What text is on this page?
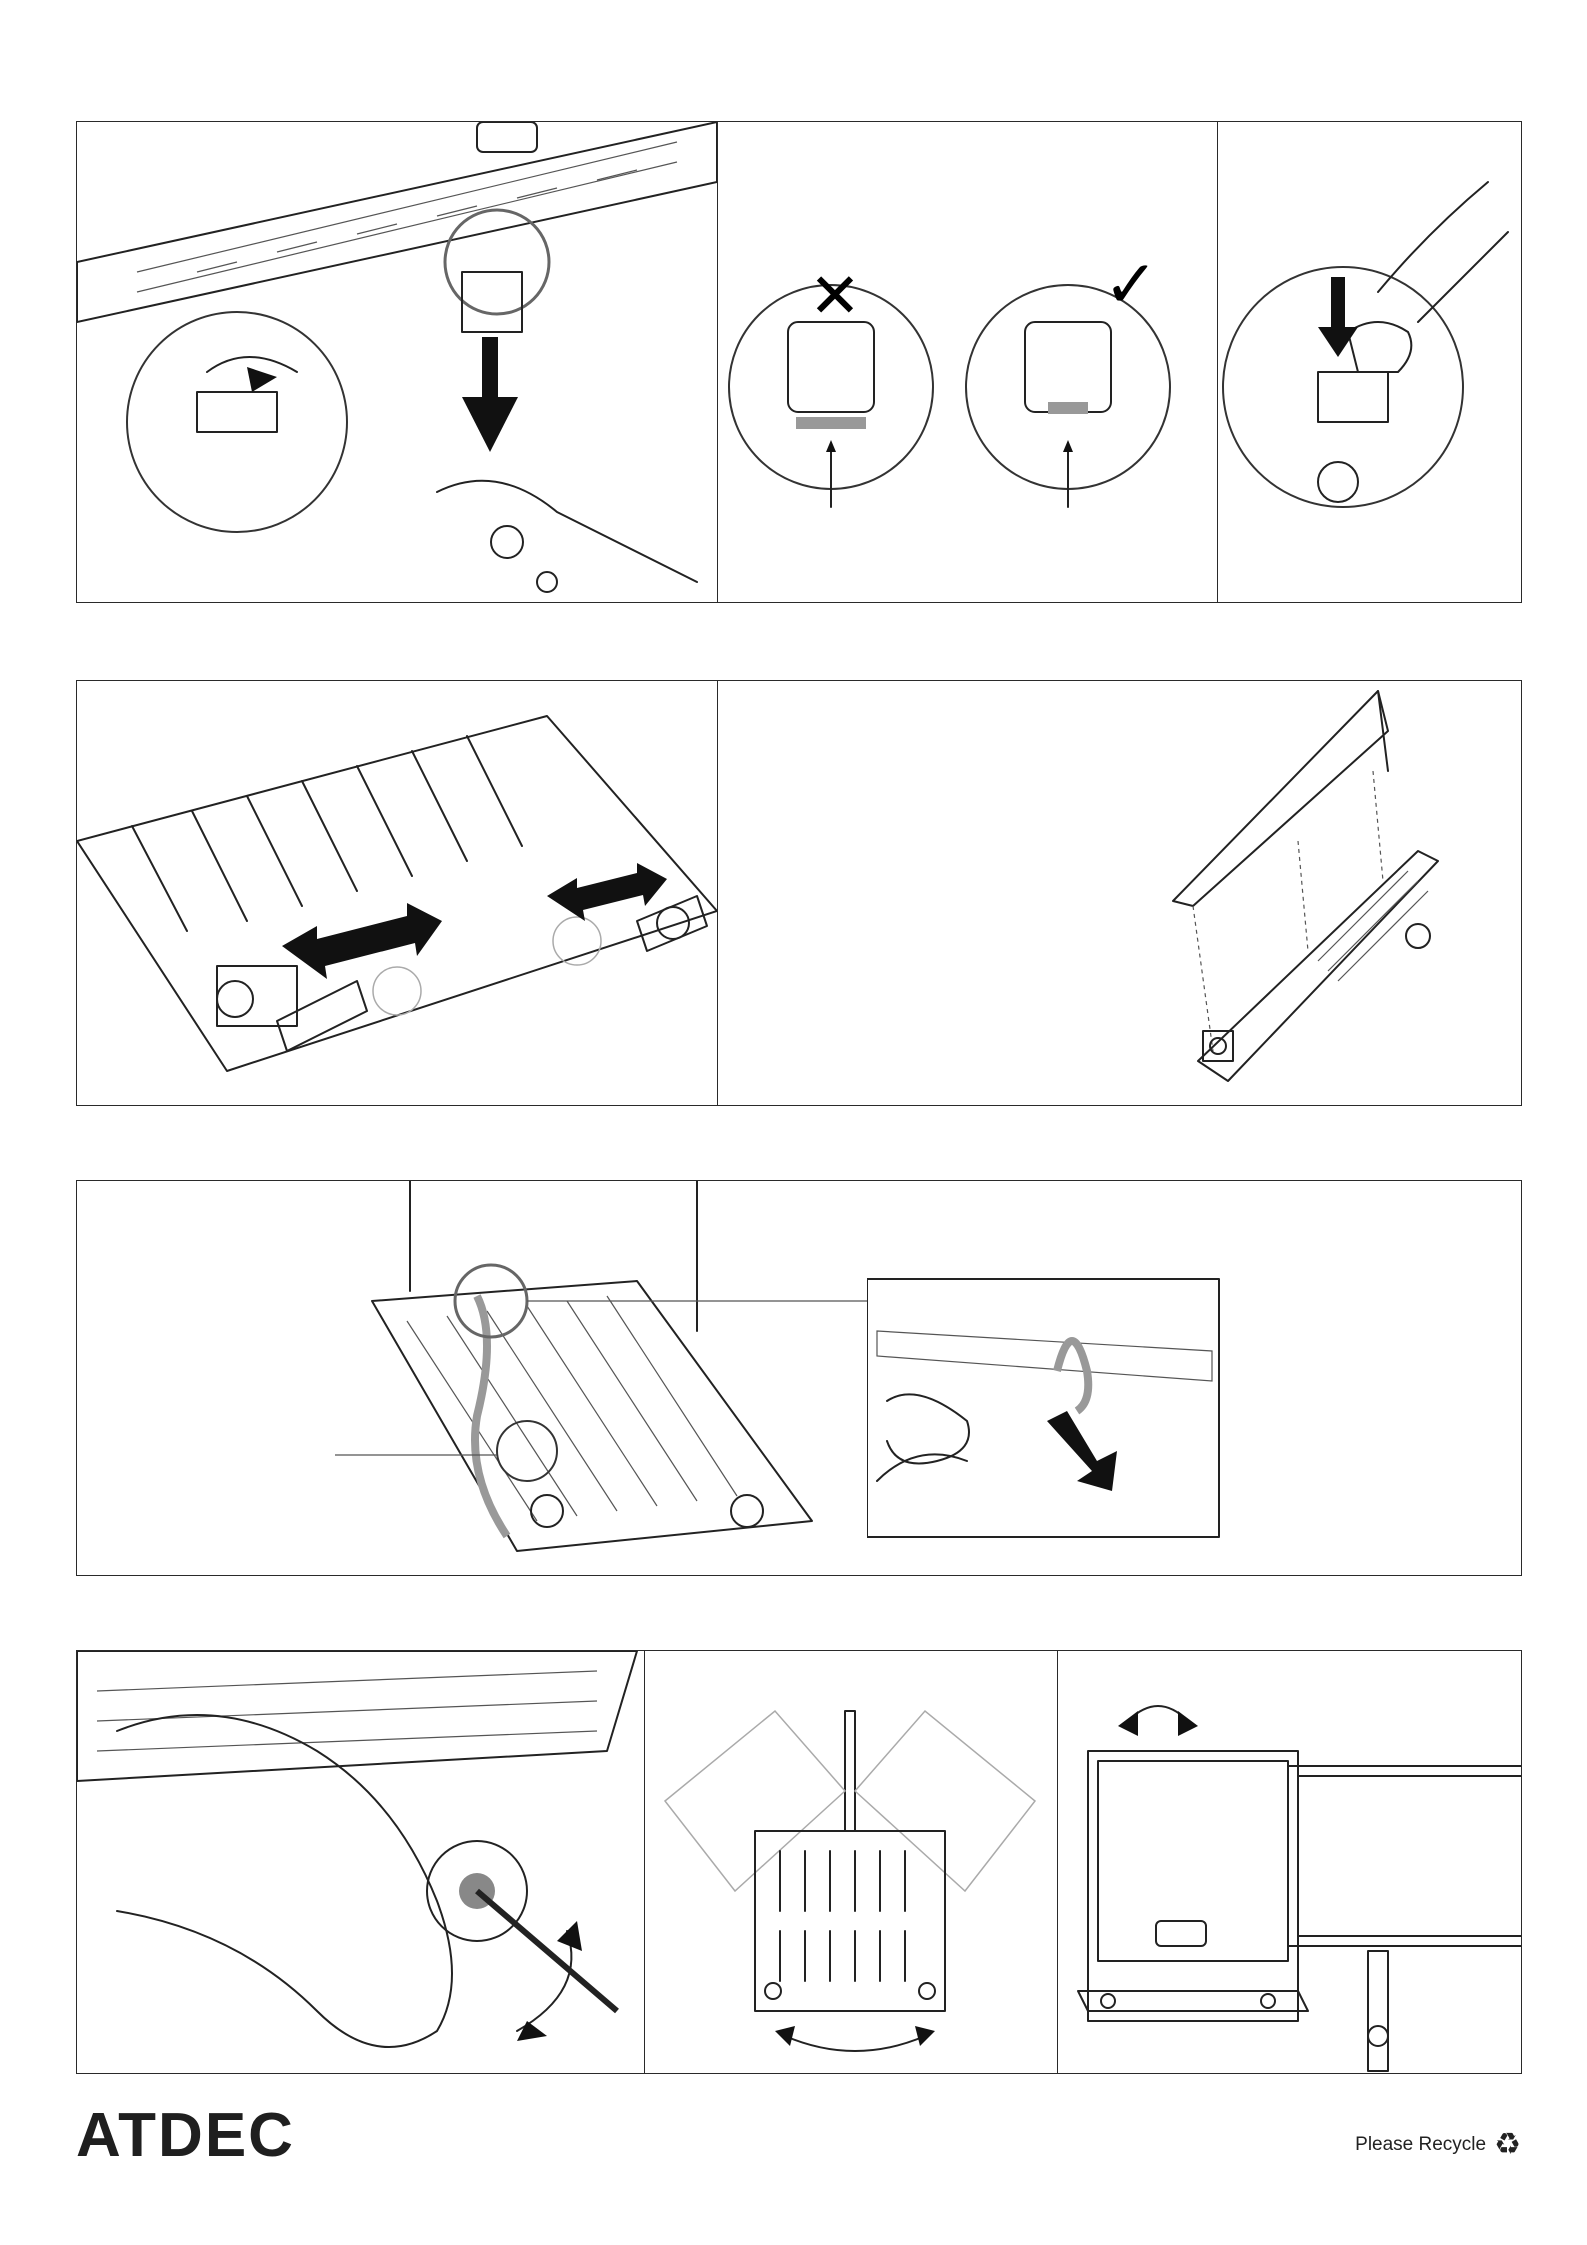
✕	✓
ATDEC	Please Recycle ♻
